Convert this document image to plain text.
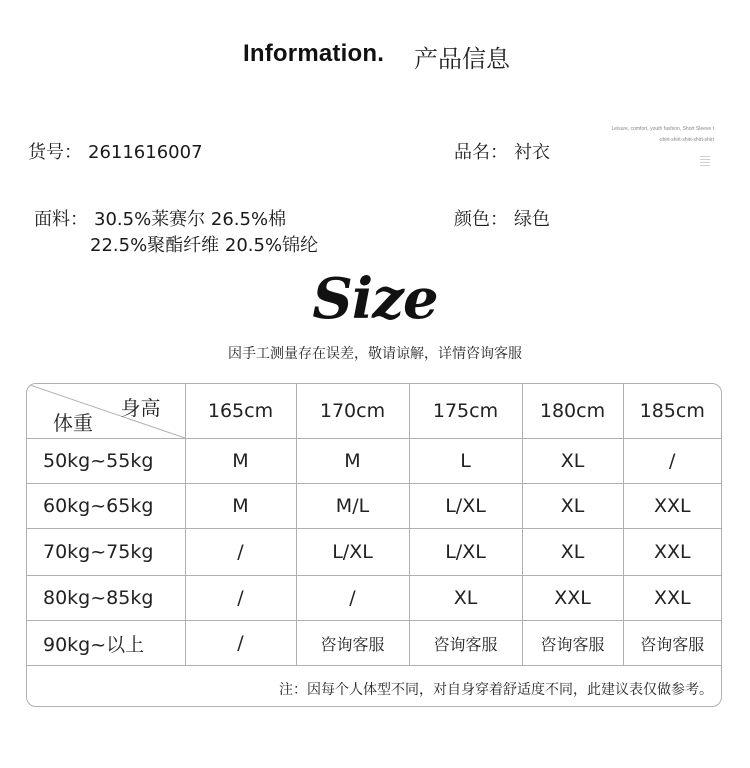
Information. 产品信息
Leisure, comfort, youth fashion, Short Sleeve t
-shirt-shirt-shirt-shirt-shirt
货号： 2611616007	品名： 衬衣
面料： 30.5%莱赛尔 26.5%棉
22.5%聚酯纤维 20.5%锦纶
颜色： 绿色
Size
因手工测量存在误差，敬请谅解，详情咨询客服
身高
体重	165cm	170cm	175cm	180cm	185cm
50kg~55kg	M	M	L	XL	/
60kg~65kg	M	M/L	L/XL	XL	XXL
70kg~75kg	/	L/XL	L/XL	XL	XXL
80kg~85kg	/	/	XL	XXL	XXL
90kg~以上	/	咨询客服	咨询客服	咨询客服	咨询客服
注：因每个人体型不同，对自身穿着舒适度不同，此建议表仅做参考。					
